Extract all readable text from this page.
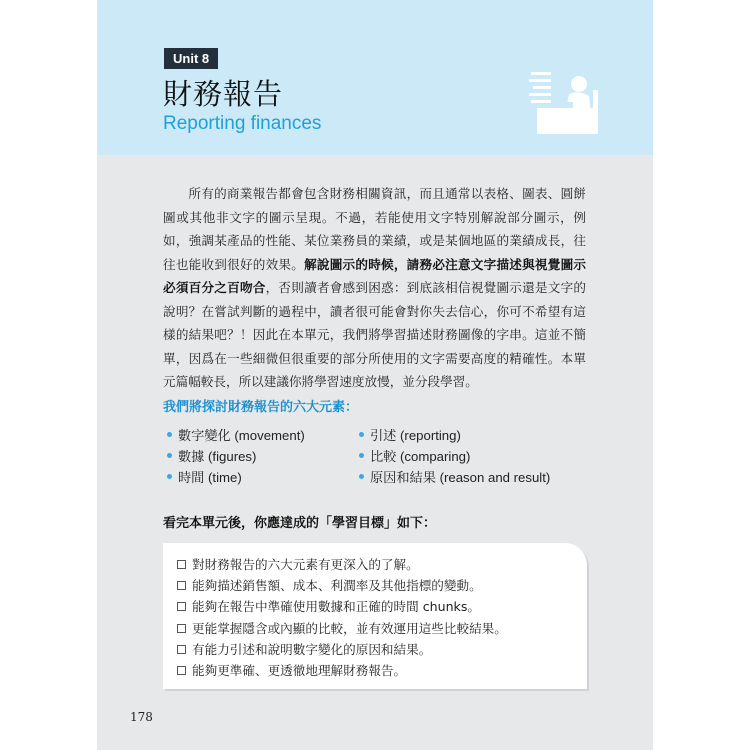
Unit 8
財務報告
Reporting finances

  所有的商業報告都會包含財務相關資訊，而且通常以表格、圖表、圓餅圖或其他非文字的圖示呈現。不過，若能使用文字特別解說部分圖示，例如，強調某產品的性能、某位業務員的業績，或是某個地區的業績成長，往往也能收到很好的效果。解說圖示的時候，請務必注意文字描述與視覺圖示必須百分之百吻合，否則讀者會感到困惑：到底該相信視覺圖示還是文字的說明？在嘗試判斷的過程中，讀者很可能會對你失去信心，你可不希望有這樣的結果吧？！因此在本單元，我們將學習描述財務圖像的字串。這並不簡單，因爲在一些細微但很重要的部分所使用的文字需要高度的精確性。本單元篇幅較長，所以建議你將學習速度放慢，並分段學習。

我們將探討財務報告的六大元素：
數字變化 (movement)
數據 (figures)
時間 (time)
引述 (reporting)
比較 (comparing)
原因和結果 (reason and result)
看完本單元後，你應達成的「學習目標」如下：
對財務報告的六大元素有更深入的了解。
能夠描述銷售額、成本、利潤率及其他指標的變動。
能夠在報告中準確使用數據和正確的時間 chunks。
更能掌握隱含或內顯的比較，並有效運用這些比較結果。
有能力引述和說明數字變化的原因和結果。
能夠更準確、更透徹地理解財務報告。
178
